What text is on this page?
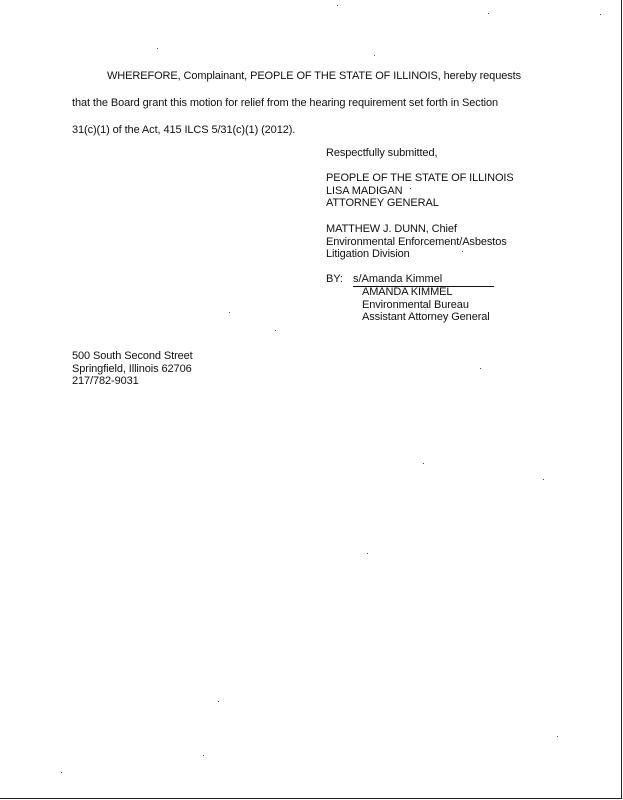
WHEREFORE, Complainant, PEOPLE OF THE STATE OF ILLINOIS, hereby requests
that the Board grant this motion for relief from the hearing requirement set forth in Section
31(c)(1) of the Act, 415 ILCS 5/31(c)(1) (2012).
Respectfully submitted,
PEOPLE OF THE STATE OF ILLINOIS
LISA MADIGAN
ATTORNEY GENERAL
MATTHEW J. DUNN, Chief
Environmental Enforcement/Asbestos
Litigation Division
BY: s/Amanda Kimmel
AMANDA KIMMEL
Environmental Bureau
Assistant Attorney General
500 South Second Street
Springfield, Illinois 62706
217/782-9031
